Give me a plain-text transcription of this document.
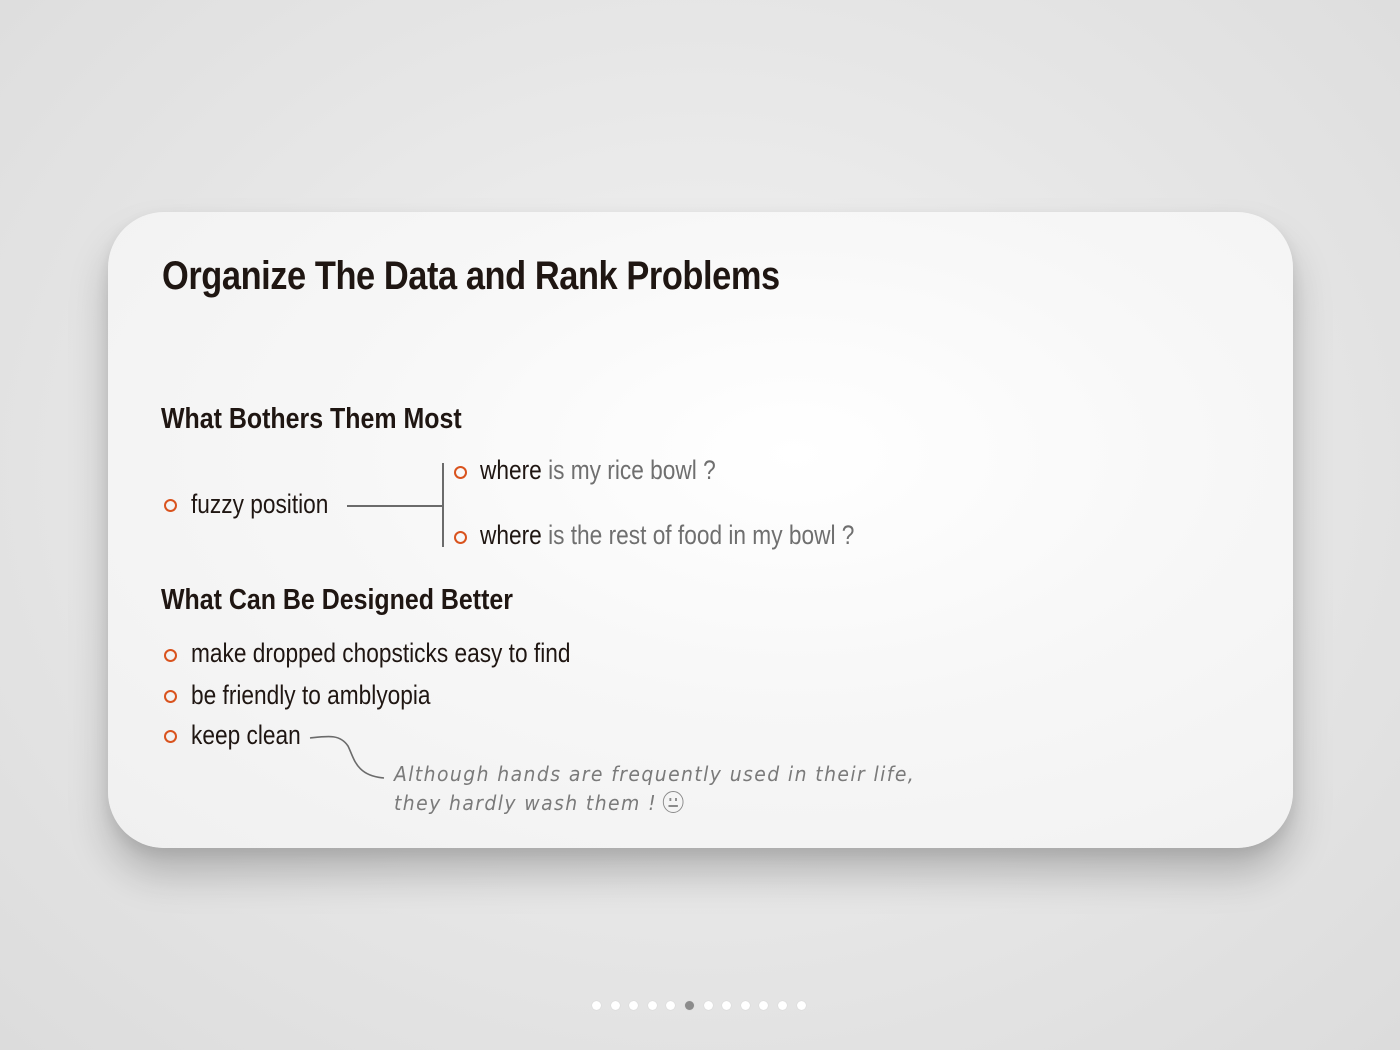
Organize The Data and Rank Problems
What Bothers Them Most
fuzzy position
where is my rice bowl ?
where is the rest of food in my bowl ?
What Can Be Designed Better
make dropped chopsticks easy to find
be friendly to amblyopia
keep clean
Although hands are frequently used in their life,
they hardly wash them !
